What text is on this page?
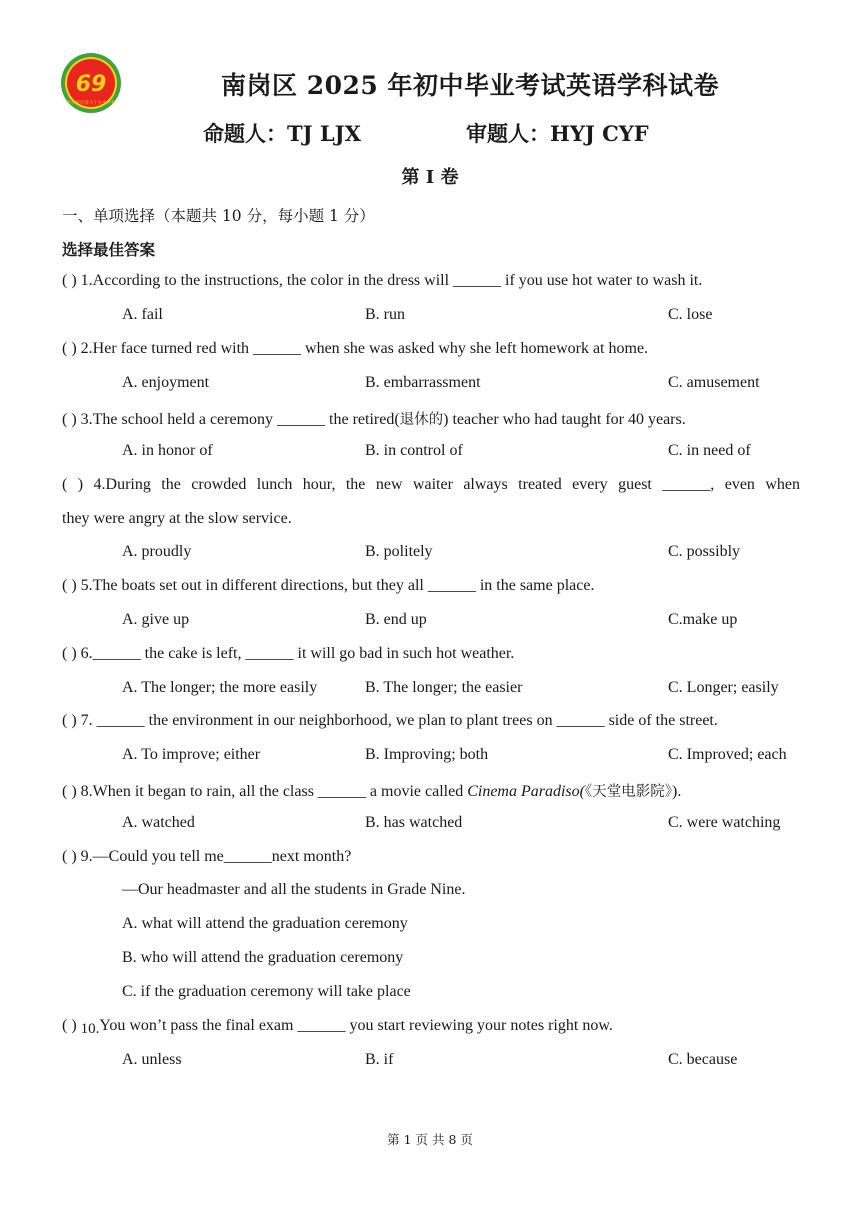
69
哈尔滨市第六十九中学校
南岗区 2025 年初中毕业考试英语学科试卷
命题人：TJ LJX	审题人：HYJ CYF
第 I 卷
一、单项选择（本题共 10 分，每小题 1 分）
选择最佳答案
( ) 1.According to the instructions, the color in the dress will ______ if you use hot water to wash it.
A. fail	B. run	C. lose
( ) 2.Her face turned red with ______ when she was asked why she left homework at home.
A. enjoyment	B. embarrassment	C. amusement
( ) 3.The school held a ceremony ______ the retired(退休的) teacher who had taught for 40 years.
A. in honor of	B. in control of	C. in need of
( ) 4.During the crowded lunch hour, the new waiter always treated every guest ______, even when
they were angry at the slow service.
A. proudly	B. politely	C. possibly
( ) 5.The boats set out in different directions, but they all ______ in the same place.
A. give up	B. end up	C.make up
( ) 6.______ the cake is left, ______ it will go bad in such hot weather.
A. The longer; the more easily	B. The longer; the easier	C. Longer; easily
( ) 7. ______ the environment in our neighborhood, we plan to plant trees on ______ side of the street.
A. To improve; either	B. Improving; both	C. Improved; each
( ) 8.When it began to rain, all the class ______ a movie called Cinema Paradiso(《天堂电影院》).
A. watched	B. has watched	C. were watching
( ) 9.—Could you tell me______next month?
—Our headmaster and all the students in Grade Nine.
A. what will attend the graduation ceremony
B. who will attend the graduation ceremony
C. if the graduation ceremony will take place
( ) 10.You won’t pass the final exam ______ you start reviewing your notes right now.
A. unless	B. if	C. because
第 1 页 共 8 页
